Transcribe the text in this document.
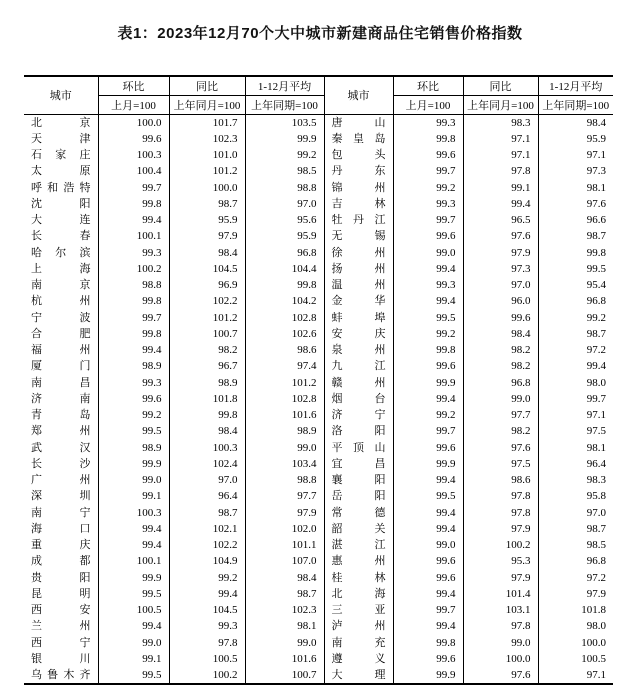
表1：2023年12月70个大中城市新建商品住宅销售价格指数
城市	环比	同比	1-12月平均	城市	环比	同比	1-12月平均
	上月=100	上年同月=100	上年同期=100		上月=100	上年同月=100	上年同期=100
北京	100.0	101.7	103.5	唐山	99.3	98.3	98.4
天津	99.6	102.3	99.9	秦皇岛	99.8	97.1	95.9
石家庄	100.3	101.0	99.2	包头	99.6	97.1	97.1
太原	100.4	101.2	98.5	丹东	99.7	97.8	97.3
呼和浩特	99.7	100.0	98.8	锦州	99.2	99.1	98.1
沈阳	99.8	98.7	97.0	吉林	99.3	99.4	97.6
大连	99.4	95.9	95.6	牡丹江	99.7	96.5	96.6
长春	100.1	97.9	95.9	无锡	99.6	97.6	98.7
哈尔滨	99.3	98.4	96.8	徐州	99.0	97.9	99.8
上海	100.2	104.5	104.4	扬州	99.4	97.3	99.5
南京	98.8	96.9	99.8	温州	99.3	97.0	95.4
杭州	99.8	102.2	104.2	金华	99.4	96.0	96.8
宁波	99.7	101.2	102.8	蚌埠	99.5	99.6	99.2
合肥	99.8	100.7	102.6	安庆	99.2	98.4	98.7
福州	99.4	98.2	98.6	泉州	99.8	98.2	97.2
厦门	98.9	96.7	97.4	九江	99.6	98.2	99.4
南昌	99.3	98.9	101.2	赣州	99.9	96.8	98.0
济南	99.6	101.8	102.8	烟台	99.4	99.0	99.7
青岛	99.2	99.8	101.6	济宁	99.2	97.7	97.1
郑州	99.5	98.4	98.9	洛阳	99.7	98.2	97.5
武汉	98.9	100.3	99.0	平顶山	99.6	97.6	98.1
长沙	99.9	102.4	103.4	宜昌	99.9	97.5	96.4
广州	99.0	97.0	98.8	襄阳	99.4	98.6	98.3
深圳	99.1	96.4	97.7	岳阳	99.5	97.8	95.8
南宁	100.3	98.7	97.9	常德	99.4	97.8	97.0
海口	99.4	102.1	102.0	韶关	99.4	97.9	98.7
重庆	99.4	102.2	101.1	湛江	99.0	100.2	98.5
成都	100.1	104.9	107.0	惠州	99.6	95.3	96.8
贵阳	99.9	99.2	98.4	桂林	99.6	97.9	97.2
昆明	99.5	99.4	98.7	北海	99.4	101.4	97.9
西安	100.5	104.5	102.3	三亚	99.7	103.1	101.8
兰州	99.4	99.3	98.1	泸州	99.4	97.8	98.0
西宁	99.0	97.8	99.0	南充	99.8	99.0	100.0
银川	99.1	100.5	101.6	遵义	99.6	100.0	100.5
乌鲁木齐	99.5	100.2	100.7	大理	99.9	97.6	97.1
